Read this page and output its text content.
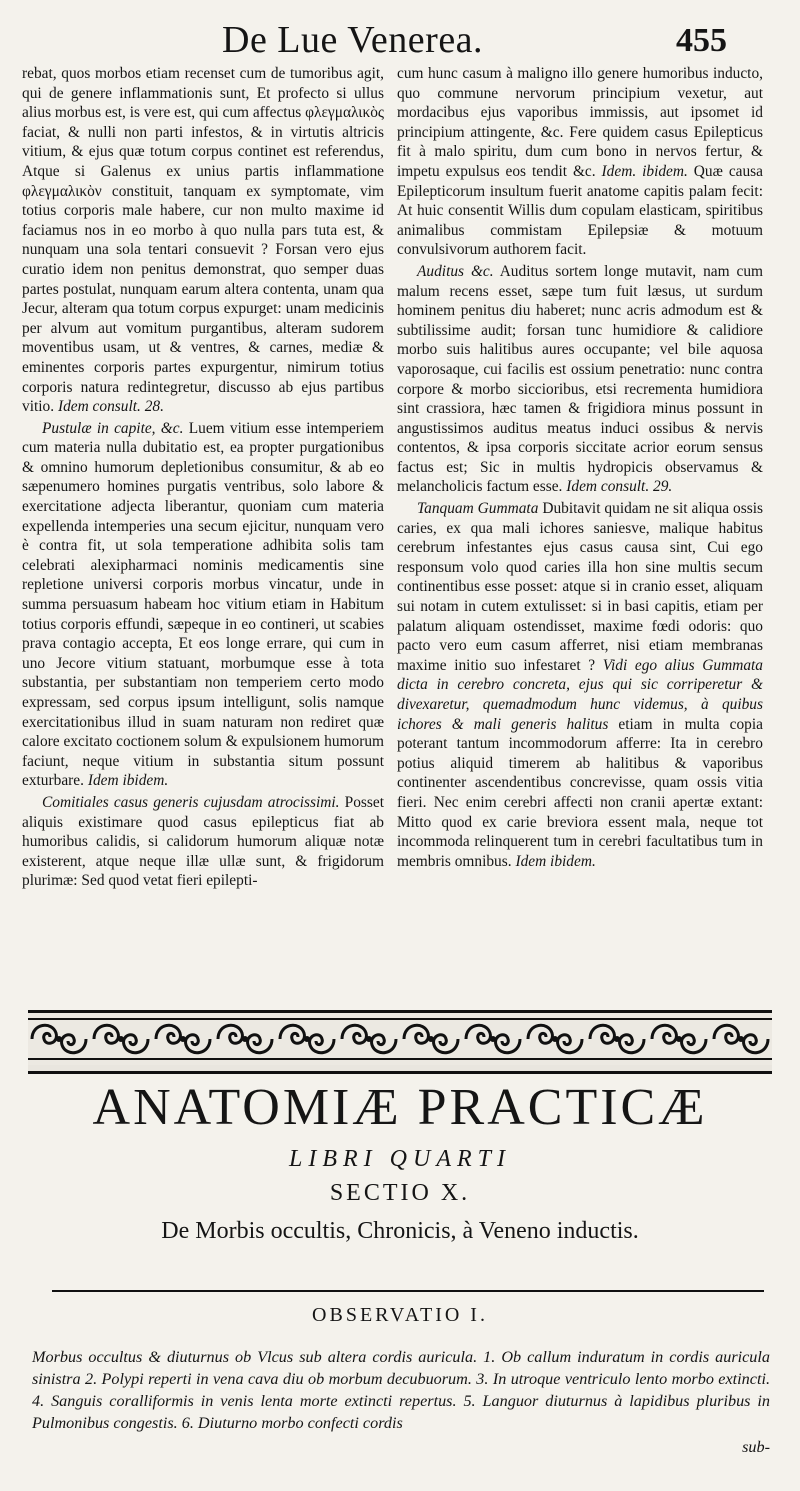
De Lue Venerea.	455

rebat, quos morbos etiam recenset cum de tumoribus agit, qui de genere inflammationis sunt, Et profecto si ullus alius morbus est, is vere est, qui cum affectus φλεγμαλικὸς faciat, & nulli non parti infestos, & in virtutis altricis vitium, & ejus quæ totum corpus continet est referendus, Atque si Galenus ex unius partis inflammatione φλεγμαλικὸν constituit, tanquam ex symptomate, vim totius corporis male habere, cur non multo maxime id faciamus nos in eo morbo à quo nulla pars tuta est, & nunquam una sola tentari consuevit ? Forsan vero ejus curatio idem non penitus demonstrat, quo semper duas partes postulat, nunquam earum altera contenta, unam qua Jecur, alteram qua totum corpus expurget: unam medicinis per alvum aut vomitum purgantibus, alteram sudorem moventibus usam, ut & ventres, & carnes, mediæ & eminentes corporis partes expurgentur, nimirum totius corporis natura redintegretur, discusso ab ejus partibus vitio. Idem consult. 28.

Pustulæ in capite, &c. Luem vitium esse intemperiem cum materia nulla dubitatio est, ea propter purgationibus & omnino humorum depletionibus consumitur, & ab eo sæpenumero homines purgatis ventribus, solo labore & exercitatione adjecta liberantur, quoniam cum materia expellenda intemperies una secum ejicitur, nunquam vero è contra fit, ut sola temperatione adhibita solis tam celebrati alexipharmaci nominis medicamentis sine repletione universi corporis morbus vincatur, unde in summa persuasum habeam hoc vitium etiam in Habitum totius corporis effundi, sæpeque in eo contineri, ut scabies prava contagio accepta, Et eos longe errare, qui cum in uno Jecore vitium statuant, morbumque esse à tota substantia, per substantiam non temperiem certo modo expressam, sed corpus ipsum intelligunt, solis namque exercitationibus illud in suam naturam non rediret quæ calore excitato coctionem solum & expulsionem humorum faciunt, neque vitium in substantia situm possunt exturbare. Idem ibidem.

Comitiales casus generis cujusdam atrocissimi. Posset aliquis existimare quod casus epilepticus fiat ab humoribus calidis, si calidorum humorum aliquæ notæ existerent, atque neque illæ ullæ sunt, & frigidorum plurimæ: Sed quod vetat fieri epilepti-

cum hunc casum à maligno illo genere humoribus inducto, quo commune nervorum principium vexetur, aut mordacibus ejus vaporibus immissis, aut ipsomet id principium attingente, &c. Fere quidem casus Epilepticus fit à malo spiritu, dum cum bono in nervos fertur, & impetu expulsus eos tendit &c. Idem. ibidem. Quæ causa Epilepticorum insultum fuerit anatome capitis palam fecit: At huic consentit Willis dum copulam elasticam, spiritibus animalibus commistam Epilepsiæ & motuum convulsivorum authorem facit.

Auditus &c. Auditus sortem longe mutavit, nam cum malum recens esset, sæpe tum fuit læsus, ut surdum hominem penitus diu haberet; nunc acris admodum est & subtilissime audit; forsan tunc humidiore & calidiore morbo suis halitibus aures occupante; vel bile aquosa vaporosaque, cui facilis est ossium penetratio: nunc contra corpore & morbo siccioribus, etsi recrementa humidiora sint crassiora, hæc tamen & frigidiora minus possunt in angustissimos auditus meatus induci ossibus & nervis contentos, & ipsa corporis siccitate acrior eorum sensus factus est; Sic in multis hydropicis observamus & melancholicis factum esse. Idem consult. 29.

Tanquam Gummata Dubitavit quidam ne sit aliqua ossis caries, ex qua mali ichores saniesve, malique habitus cerebrum infestantes ejus casus causa sint, Cui ego responsum volo quod caries illa hon sine multis secum continentibus esse posset: atque si in cranio esset, aliquam sui notam in cutem extulisset: si in basi capitis, etiam per palatum aliquam ostendisset, maxime fœdi odoris: quo pacto vero eum casum afferret, nisi etiam membranas maxime initio suo infestaret ? Vidi ego alius Gummata dicta in cerebro concreta, ejus qui sic corriperetur & divexaretur, quemadmodum hunc videmus, à quibus ichores & mali generis halitus etiam in multa copia poterant tantum incommodorum afferre: Ita in cerebro potius aliquid timerem ab halitibus & vaporibus continenter ascendentibus concrevisse, quam ossis vitia fieri. Nec enim cerebri affecti non cranii apertæ extant: Mitto quod ex carie breviora essent mala, neque tot incommoda relinquerent tum in cerebri facultatibus tum in membris omnibus. Idem ibidem.

ANATOMIÆ PRACTICÆ
LIBRI QUARTI
SECTIO X.
De Morbis occultis, Chronicis, à Veneno inductis.
OBSERVATIO I.
Morbus occultus & diuturnus ob Vlcus sub altera cordis auricula. 1. Ob callum induratum in cordis auricula sinistra 2. Polypi reperti in vena cava diu ob morbum decubuorum. 3. In utroque ventriculo lento morbo extincti. 4. Sanguis coralliformis in venis lenta morte extincti repertus. 5. Languor diuturnus à lapidibus pluribus in Pulmonibus congestis. 6. Diuturno morbo confecti cordis
sub-
